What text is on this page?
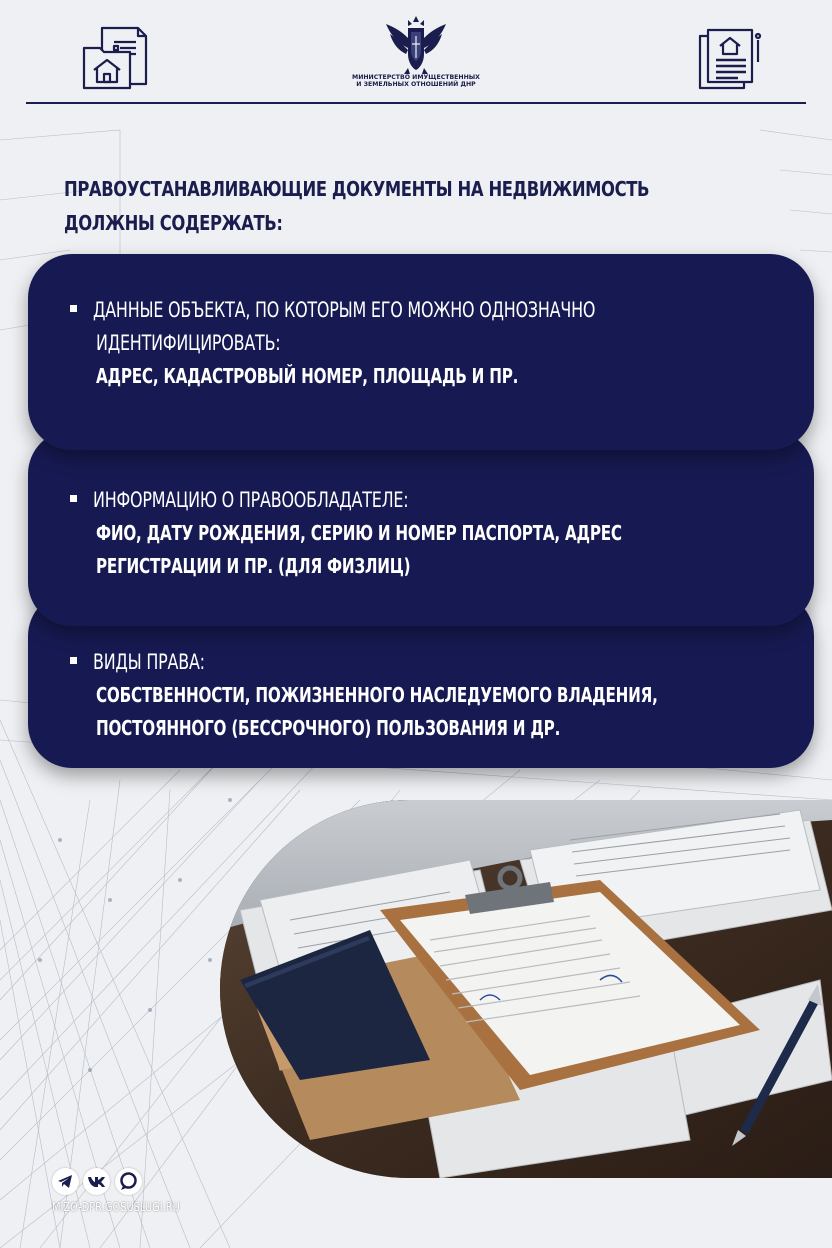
МИНИСТЕРСТВО ИМУЩЕСТВЕННЫХ
И ЗЕМЕЛЬНЫХ ОТНОШЕНИЙ ДНР
ПРАВОУСТАНАВЛИВАЮЩИЕ ДОКУМЕНТЫ НА НЕДВИЖИМОСТЬ
ДОЛЖНЫ СОДЕРЖАТЬ:
ДАННЫЕ ОБЪЕКТА, ПО КОТОРЫМ ЕГО МОЖНО ОДНОЗНАЧНО
ИДЕНТИФИЦИРОВАТЬ:
АДРЕС, КАДАСТРОВЫЙ НОМЕР, ПЛОЩАДЬ И ПР.
ИНФОРМАЦИЮ О ПРАВООБЛАДАТЕЛЕ:
ФИО, ДАТУ РОЖДЕНИЯ, СЕРИЮ И НОМЕР ПАСПОРТА, АДРЕС
РЕГИСТРАЦИИ И ПР. (ДЛЯ ФИЗЛИЦ)
ВИДЫ ПРАВА:
СОБСТВЕННОСТИ, ПОЖИЗНЕННОГО НАСЛЕДУЕМОГО ВЛАДЕНИЯ,
ПОСТОЯННОГО (БЕССРОЧНОГО) ПОЛЬЗОВАНИЯ И ДР.
MIZO-DPR.GOSUSLUGI.RU
